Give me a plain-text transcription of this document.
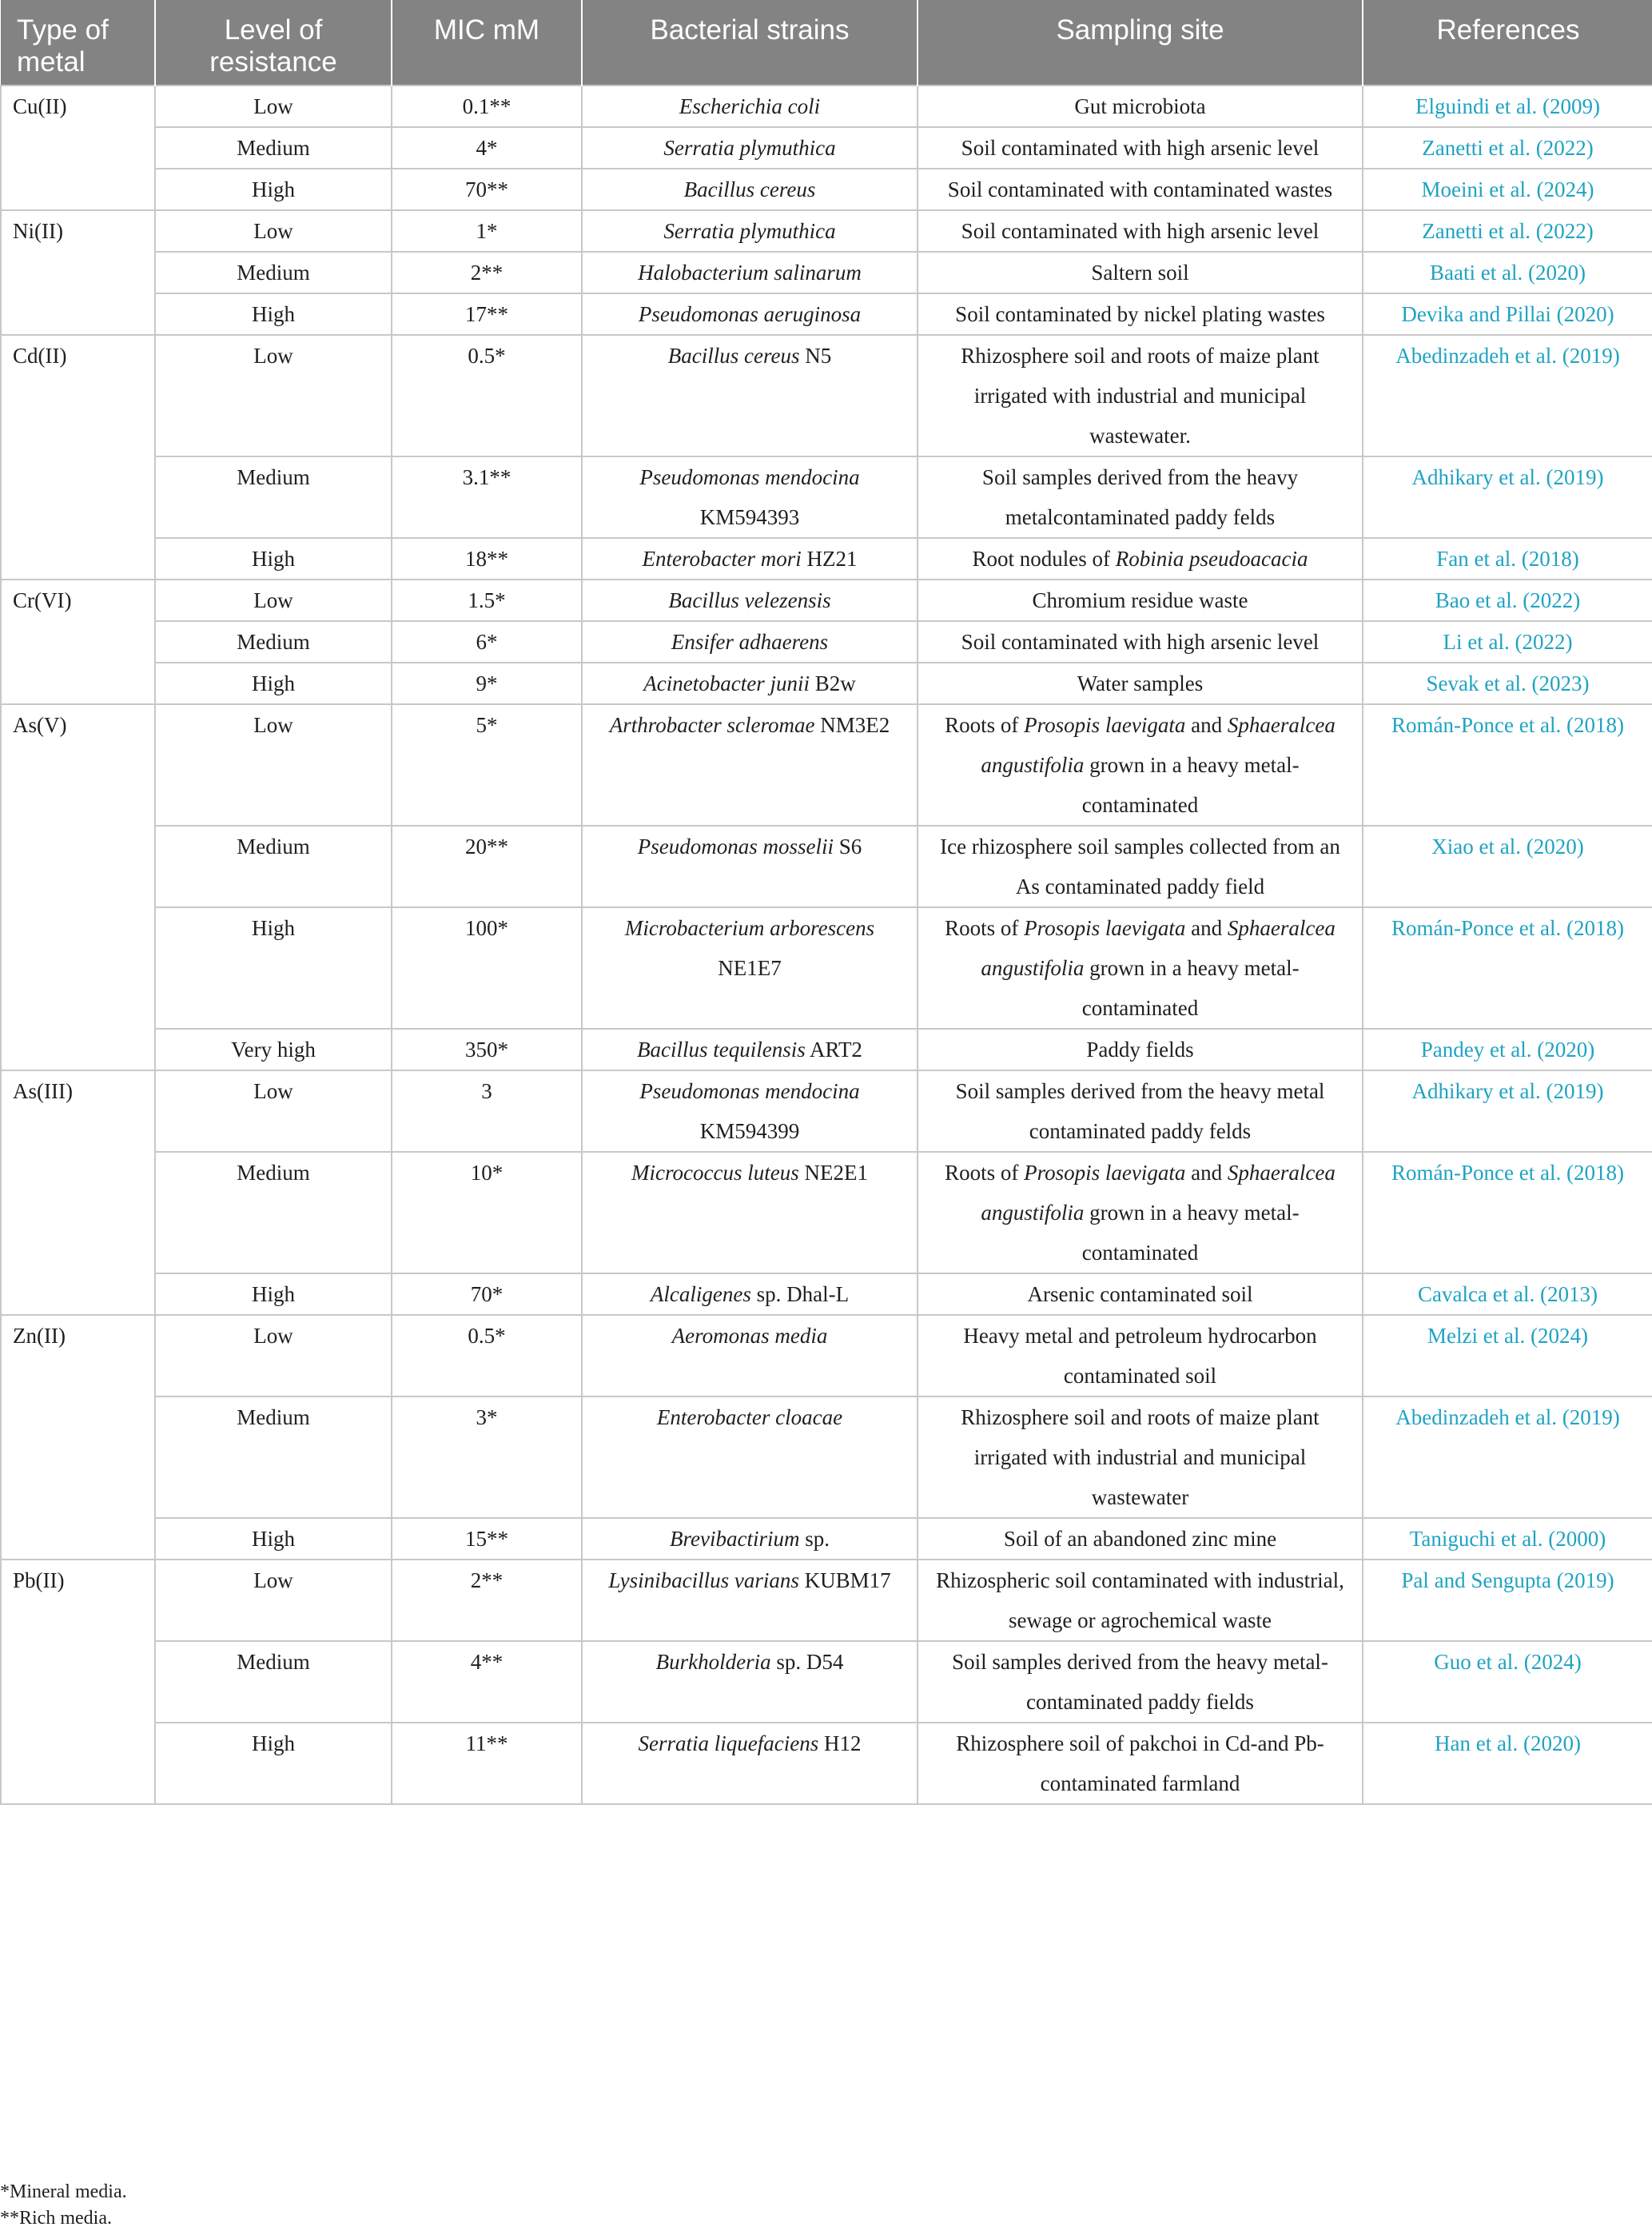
Type of metal	Level of resistance	MIC mM	Bacterial strains	Sampling site	References
Cu(II)	Low	0.1**	Escherichia coli	Gut microbiota	Elguindi et al. (2009)
	Medium	4*	Serratia plymuthica	Soil contaminated with high arsenic level	Zanetti et al. (2022)
	High	70**	Bacillus cereus	Soil contaminated with contaminated wastes	Moeini et al. (2024)
Ni(II)	Low	1*	Serratia plymuthica	Soil contaminated with high arsenic level	Zanetti et al. (2022)
	Medium	2**	Halobacterium salinarum	Saltern soil	Baati et al. (2020)
	High	17**	Pseudomonas aeruginosa	Soil contaminated by nickel plating wastes	Devika and Pillai (2020)
Cd(II)	Low	0.5*	Bacillus cereus N5	Rhizosphere soil and roots of maize plant irrigated with industrial and municipal wastewater.	Abedinzadeh et al. (2019)
	Medium	3.1**	Pseudomonas mendocina KM594393	Soil samples derived from the heavy metalcontaminated paddy felds	Adhikary et al. (2019)
	High	18**	Enterobacter mori HZ21	Root nodules of Robinia pseudoacacia	Fan et al. (2018)
Cr(VI)	Low	1.5*	Bacillus velezensis	Chromium residue waste	Bao et al. (2022)
	Medium	6*	Ensifer adhaerens	Soil contaminated with high arsenic level	Li et al. (2022)
	High	9*	Acinetobacter junii B2w	Water samples	Sevak et al. (2023)
As(V)	Low	5*	Arthrobacter scleromae NM3E2	Roots of Prosopis laevigata and Sphaeralcea angustifolia grown in a heavy metal-contaminated	Román-Ponce et al. (2018)
	Medium	20**	Pseudomonas mosselii S6	Ice rhizosphere soil samples collected from an As contaminated paddy field	Xiao et al. (2020)
	High	100*	Microbacterium arborescens NE1E7	Roots of Prosopis laevigata and Sphaeralcea angustifolia grown in a heavy metal-contaminated	Román-Ponce et al. (2018)
	Very high	350*	Bacillus tequilensis ART2	Paddy fields	Pandey et al. (2020)
As(III)	Low	3	Pseudomonas mendocina KM594399	Soil samples derived from the heavy metal contaminated paddy felds	Adhikary et al. (2019)
	Medium	10*	Micrococcus luteus NE2E1	Roots of Prosopis laevigata and Sphaeralcea angustifolia grown in a heavy metal-contaminated	Román-Ponce et al. (2018)
	High	70*	Alcaligenes sp. Dhal-L	Arsenic contaminated soil	Cavalca et al. (2013)
Zn(II)	Low	0.5*	Aeromonas media	Heavy metal and petroleum hydrocarbon contaminated soil	Melzi et al. (2024)
	Medium	3*	Enterobacter cloacae	Rhizosphere soil and roots of maize plant irrigated with industrial and municipal wastewater	Abedinzadeh et al. (2019)
	High	15**	Brevibactirium sp.	Soil of an abandoned zinc mine	Taniguchi et al. (2000)
Pb(II)	Low	2**	Lysinibacillus varians KUBM17	Rhizospheric soil contaminated with industrial, sewage or agrochemical waste	Pal and Sengupta (2019)
	Medium	4**	Burkholderia sp. D54	Soil samples derived from the heavy metal-contaminated paddy fields	Guo et al. (2024)
	High	11**	Serratia liquefaciens H12	Rhizosphere soil of pakchoi in Cd-and Pb-contaminated farmland	Han et al. (2020)
*Mineral media.
**Rich media.
